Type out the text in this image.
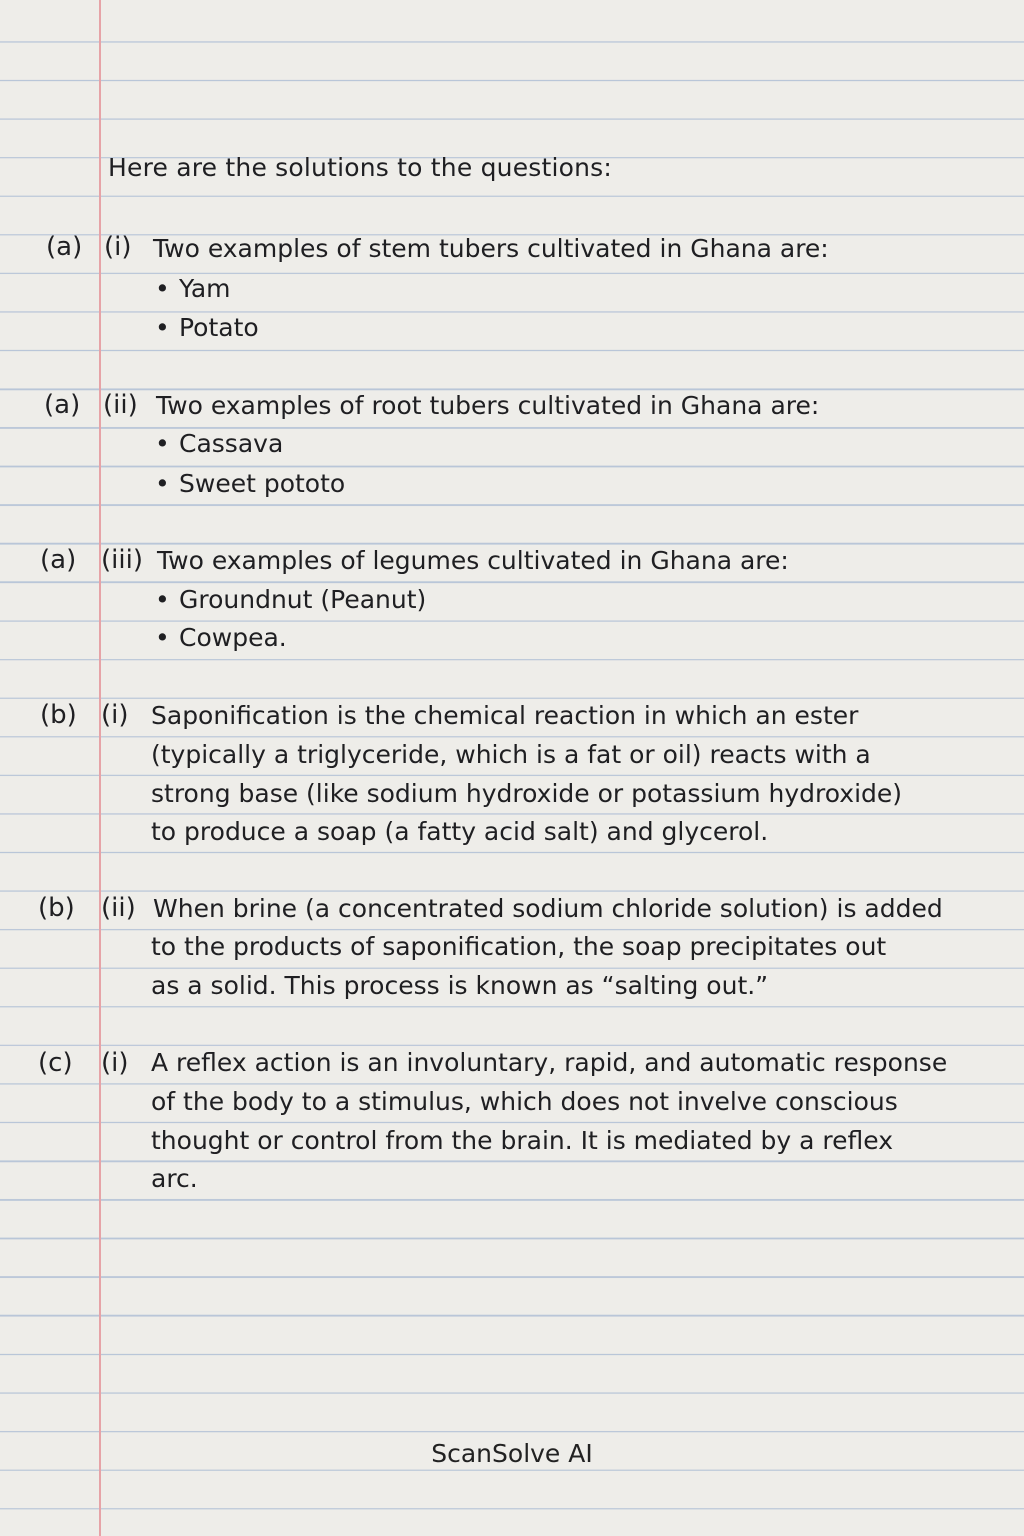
Here are the solutions to the questions:
(a) (i) Two examples of stem tubers cultivated in Ghana are:
• Yam
• Potato
(a) (ii) Two examples of root tubers cultivated in Ghana are:
• Cassava
• Sweet pototo
(a) (iii) Two examples of legumes cultivated in Ghana are:
• Groundnut (Peanut)
• Cowpea.
(b) (i) Saponification is the chemical reaction in which an ester
(typically a triglyceride, which is a fat or oil) reacts with a
strong base (like sodium hydroxide or potassium hydroxide)
to produce a soap (a fatty acid salt) and glycerol.
(b) (ii) When brine (a concentrated sodium chloride solution) is added
to the products of saponification, the soap precipitates out
as a solid. This process is known as “salting out.”
(c) (i) A reflex action is an involuntary, rapid, and automatic response
of the body to a stimulus, which does not invelve conscious
thought or control from the brain. It is mediated by a reflex
arc.
ScanSolve AI
